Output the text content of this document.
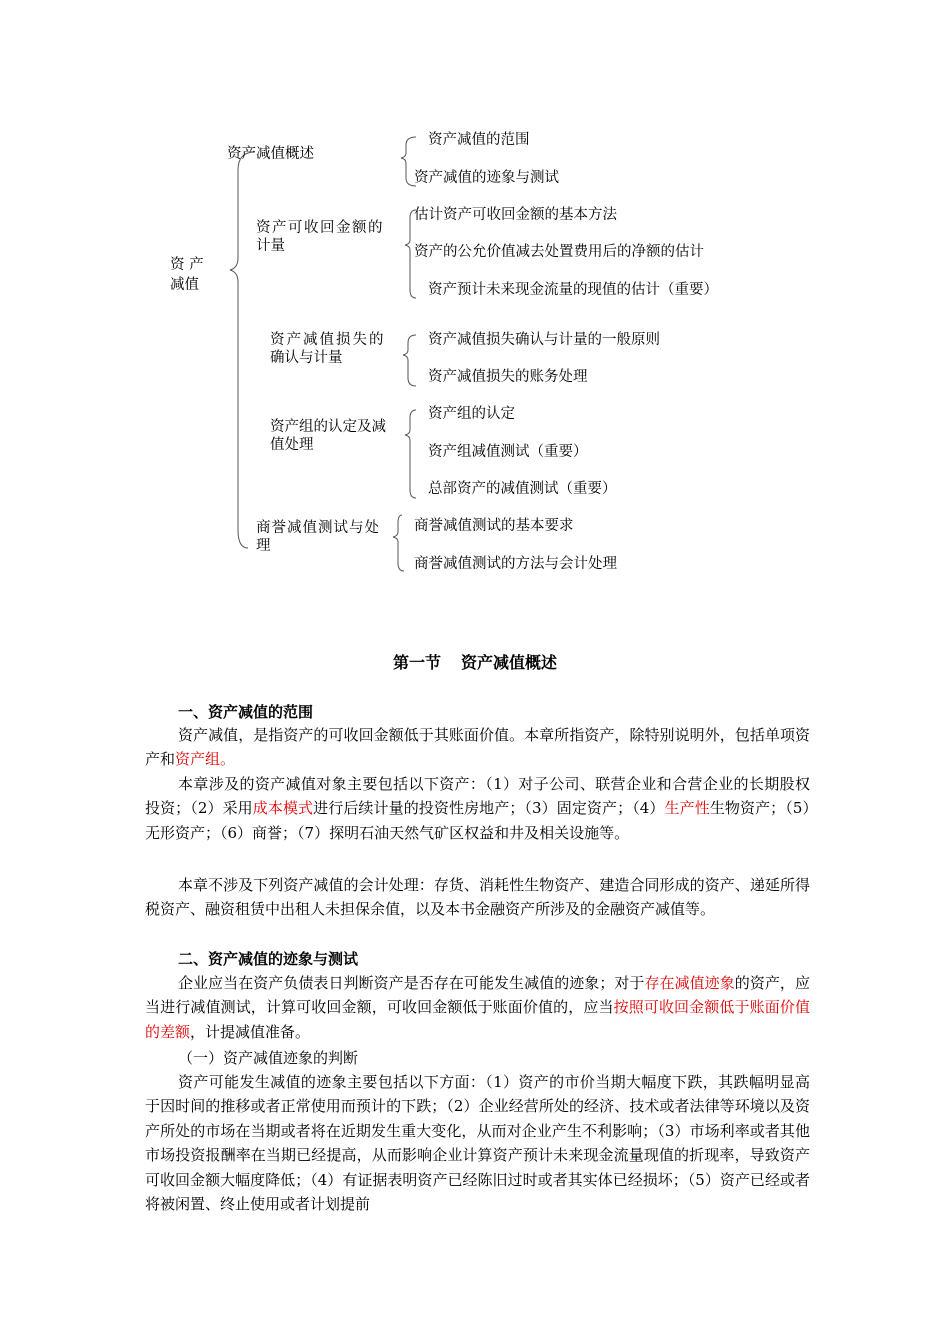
资 产
减值
资产减值概述
资产减值的范围
资产减值的迹象与测试
资产可收回金额的
计量
估计资产可收回金额的基本方法
资产的公允价值减去处置费用后的净额的估计
资产预计未来现金流量的现值的估计（重要）
资产减值损失的
确认与计量
资产减值损失确认与计量的一般原则
资产减值损失的账务处理
资产组的认定及减
值处理
资产组的认定
资产组减值测试（重要）
总部资产的减值测试（重要）
商誉减值测试与处
理
商誉减值测试的基本要求
商誉减值测试的方法与会计处理
第一节 资产减值概述
一、资产减值的范围
资产减值，是指资产的可收回金额低于其账面价值。本章所指资产，除特别说明外，包括单项资产和资产组。
本章涉及的资产减值对象主要包括以下资产：（1）对子公司、联营企业和合营企业的长期股权投资；（2）采用成本模式进行后续计量的投资性房地产；（3）固定资产；（4）生产性生物资产；（5）无形资产；（6）商誉；（7）探明石油天然气矿区权益和井及相关设施等。
本章不涉及下列资产减值的会计处理：存货、消耗性生物资产、建造合同形成的资产、递延所得税资产、融资租赁中出租人未担保余值，以及本书金融资产所涉及的金融资产减值等。
二、资产减值的迹象与测试
企业应当在资产负债表日判断资产是否存在可能发生减值的迹象；对于存在减值迹象的资产，应当进行减值测试，计算可收回金额，可收回金额低于账面价值的，应当按照可收回金额低于账面价值的差额，计提减值准备。
（一）资产减值迹象的判断
资产可能发生减值的迹象主要包括以下方面：（1）资产的市价当期大幅度下跌，其跌幅明显高于因时间的推移或者正常使用而预计的下跌；（2）企业经营所处的经济、技术或者法律等环境以及资产所处的市场在当期或者将在近期发生重大变化，从而对企业产生不利影响；（3）市场利率或者其他市场投资报酬率在当期已经提高，从而影响企业计算资产预计未来现金流量现值的折现率，导致资产可收回金额大幅度降低；（4）有证据表明资产已经陈旧过时或者其实体已经损坏；（5）资产已经或者将被闲置、终止使用或者计划提前
